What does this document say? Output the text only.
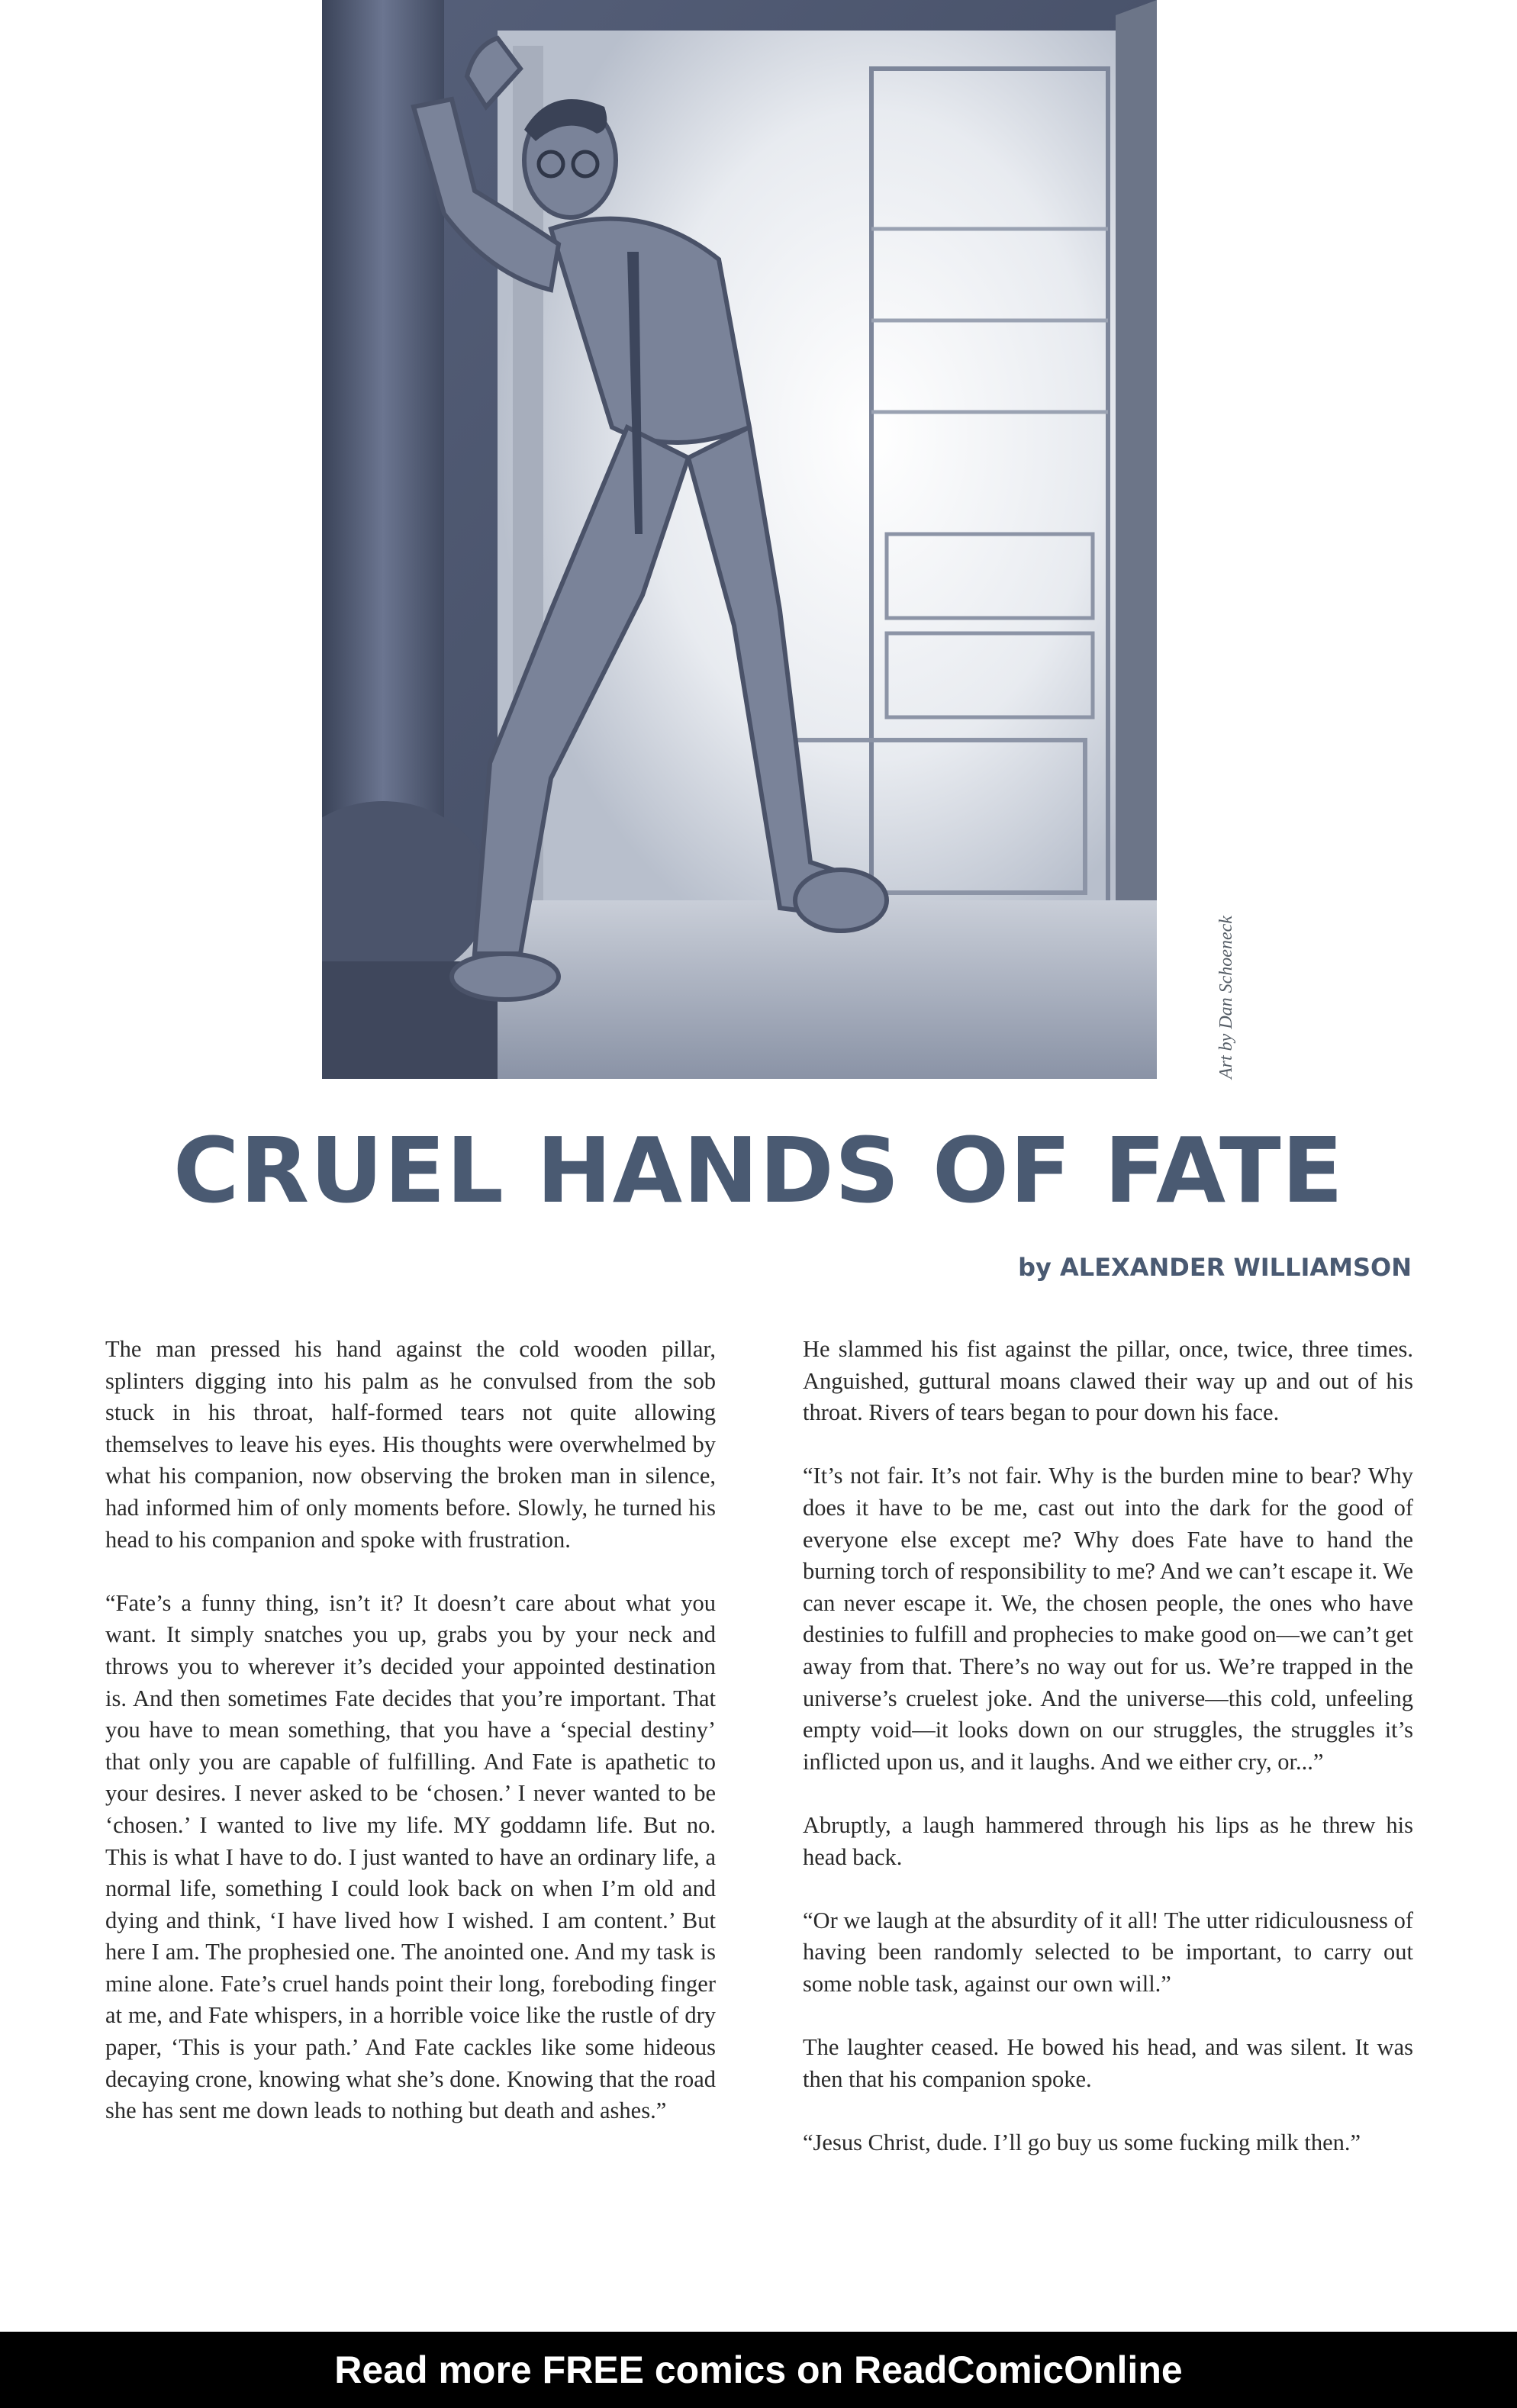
Art by Dan Schoeneck
CRUEL HANDS OF FATE
by ALEXANDER WILLIAMSON

The man pressed his hand against the cold wooden pillar, splinters digging into his palm as he convulsed from the sob stuck in his throat, half-formed tears not quite allowing themselves to leave his eyes. His thoughts were overwhelmed by what his companion, now observing the broken man in silence, had informed him of only moments before. Slowly, he turned his head to his companion and spoke with frustration.

“Fate’s a funny thing, isn’t it? It doesn’t care about what you want. It simply snatches you up, grabs you by your neck and throws you to wherever it’s decided your appointed destination is. And then sometimes Fate decides that you’re important. That you have to mean something, that you have a ‘special destiny’ that only you are capable of fulfilling. And Fate is apathetic to your desires. I never asked to be ‘chosen.’ I never wanted to be ‘chosen.’ I wanted to live my life. MY goddamn life. But no. This is what I have to do. I just wanted to have an ordinary life, a normal life, something I could look back on when I’m old and dying and think, ‘I have lived how I wished. I am content.’ But here I am. The prophesied one. The anointed one. And my task is mine alone. Fate’s cruel hands point their long, foreboding finger at me, and Fate whispers, in a horrible voice like the rustle of dry paper, ‘This is your path.’ And Fate cackles like some hideous decaying crone, knowing what she’s done. Knowing that the road she has sent me down leads to nothing but death and ashes.”

He slammed his fist against the pillar, once, twice, three times. Anguished, guttural moans clawed their way up and out of his throat. Rivers of tears began to pour down his face.

“It’s not fair. It’s not fair. Why is the burden mine to bear? Why does it have to be me, cast out into the dark for the good of everyone else except me? Why does Fate have to hand the burning torch of responsibility to me? And we can’t escape it. We can never escape it. We, the chosen people, the ones who have destinies to fulfill and prophecies to make good on—we can’t get away from that. There’s no way out for us. We’re trapped in the universe’s cruelest joke. And the universe—this cold, unfeeling empty void—it looks down on our struggles, the struggles it’s inflicted upon us, and it laughs. And we either cry, or...”

Abruptly, a laugh hammered through his lips as he threw his head back.

“Or we laugh at the absurdity of it all! The utter ridiculousness of having been randomly selected to be important, to carry out some noble task, against our own will.”

The laughter ceased. He bowed his head, and was silent. It was then that his companion spoke.

“Jesus Christ, dude. I’ll go buy us some fucking milk then.”

Read more FREE comics on ReadComicOnline
